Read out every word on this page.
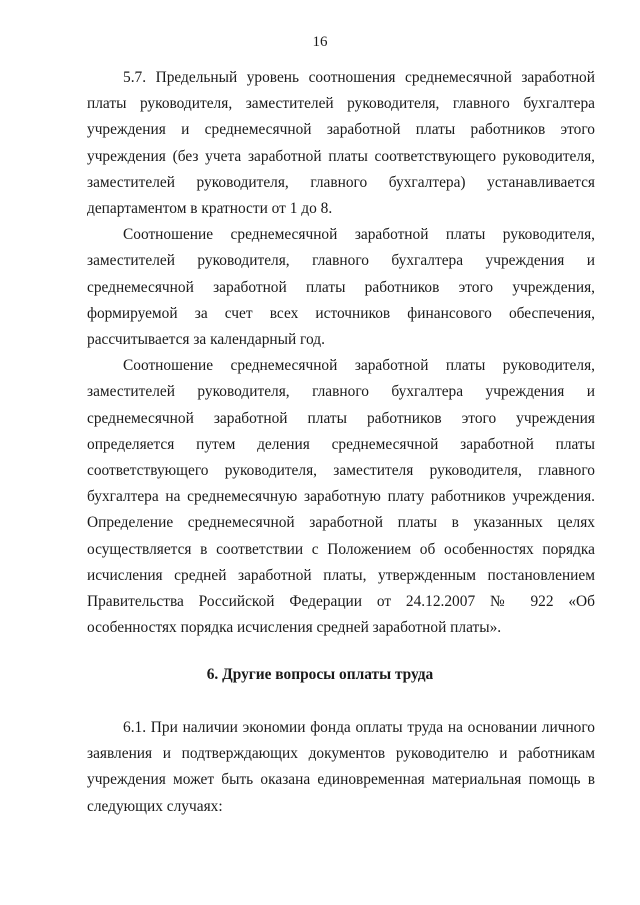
16

5.7. Предельный уровень соотношения среднемесячной заработной платы руководителя, заместителей руководителя, главного бухгалтера учреждения и среднемесячной заработной платы работников этого учреждения (без учета заработной платы соответствующего руководителя, заместителей руководителя, главного бухгалтера) устанавливается департаментом в кратности от 1 до 8.

Соотношение среднемесячной заработной платы руководителя, заместителей руководителя, главного бухгалтера учреждения и среднемесячной заработной платы работников этого учреждения, формируемой за счет всех источников финансового обеспечения, рассчитывается за календарный год.

Соотношение среднемесячной заработной платы руководителя, заместителей руководителя, главного бухгалтера учреждения и среднемесячной заработной платы работников этого учреждения определяется путем деления среднемесячной заработной платы соответствующего руководителя, заместителя руководителя, главного бухгалтера на среднемесячную заработную плату работников учреждения. Определение среднемесячной заработной платы в указанных целях осуществляется в соответствии с Положением об особенностях порядка исчисления средней заработной платы, утвержденным постановлением Правительства Российской Федерации от 24.12.2007 № 922 «Об особенностях порядка исчисления средней заработной платы».

6. Другие вопросы оплаты труда

6.1. При наличии экономии фонда оплаты труда на основании личного заявления и подтверждающих документов руководителю и работникам учреждения может быть оказана единовременная материальная помощь в следующих случаях:
